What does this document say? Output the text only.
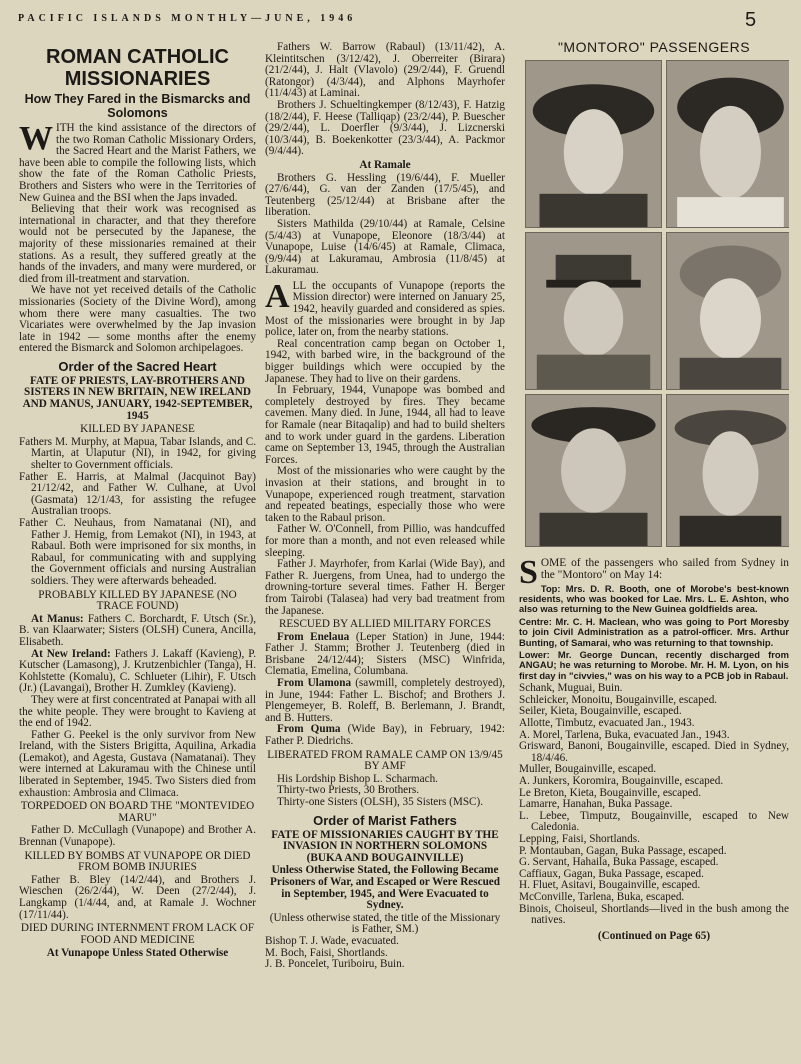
PACIFIC ISLANDS MONTHLY—JUNE, 1946	5
ROMAN CATHOLIC MISSIONARIES
How They Fared in the Bismarcks and Solomons

WITH the kind assistance of the directors of the two Roman Catholic Missionary Orders, the Sacred Heart and the Marist Fathers, we have been able to compile the following lists, which show the fate of the Roman Catholic Priests, Brothers and Sisters who were in the Territories of New Guinea and the BSI when the Japs invaded.

Believing that their work was recognised as international in character, and that they therefore would not be persecuted by the Japanese, the majority of these missionaries remained at their stations. As a result, they suffered greatly at the hands of the invaders, and many were murdered, or died from ill-treatment and starvation.

We have not yet received details of the Catholic missionaries (Society of the Divine Word), among whom there were many casualties. The two Vicariates were overwhelmed by the Jap invasion late in 1942 — some months after the enemy entered the Bismarck and Solomon archipelagoes.

Order of the Sacred Heart
FATE OF PRIESTS, LAY-BROTHERS AND SISTERS IN NEW BRITAIN, NEW IRELAND AND MANUS, JANUARY, 1942-SEPTEMBER, 1945
KILLED BY JAPANESE

Fathers M. Murphy, at Mapua, Tabar Islands, and C. Martin, at Ulaputur (NI), in 1942, for giving shelter to Government officials.

Father E. Harris, at Malmal (Jacquinot Bay) 21/12/42, and Father W. Culhane, at Uvol (Gasmata) 12/1/43, for assisting the refugee Australian troops.

Father C. Neuhaus, from Namatanai (NI), and Father J. Hemig, from Lemakot (NI), in 1943, at Rabaul. Both were imprisoned for six months, in Rabaul, for communicating with and supplying the Government officials and nursing Australian soldiers. They were afterwards beheaded.

PROBABLY KILLED BY JAPANESE (NO TRACE FOUND)

At Manus: Fathers C. Borchardt, F. Utsch (Sr.), B. van Klaarwater; Sisters (OLSH) Cunera, Ancilla, Elisabeth.

At New Ireland: Fathers J. Lakaff (Kavieng), P. Kutscher (Lamasong), J. Krutzenbichler (Tanga), H. Kohlstette (Komalu), C. Schlueter (Lihir), F. Utsch (Jr.) (Lavangai), Brother H. Zumkley (Kavieng).

They were at first concentrated at Panapai with all the white people. They were brought to Kavieng at the end of 1942.

Father G. Peekel is the only survivor from New Ireland, with the Sisters Brigitta, Aquilina, Arkadia (Lemakot), and Agesta, Gustava (Namatanai). They were interned at Lakuramau with the Chinese until liberated in September, 1945. Two Sisters died from exhaustion: Ambrosia and Climaca.

TORPEDOED ON BOARD THE "MONTEVIDEO MARU"

Father D. McCullagh (Vunapope) and Brother A. Brennan (Vunapope).

KILLED BY BOMBS AT VUNAPOPE OR DIED FROM BOMB INJURIES

Father B. Bley (14/2/44), and Brothers J. Wieschen (26/2/44), W. Deen (27/2/44), J. Langkamp (1/4/44, and, at Ramale J. Wochner (17/11/44).

DIED DURING INTERNMENT FROM LACK OF FOOD AND MEDICINE
At Vunapope Unless Stated Otherwise

Fathers W. Barrow (Rabaul) (13/11/42), A. Kleintitschen (3/12/42), J. Oberreiter (Birara) (21/2/44), J. Halt (Vlavolo) (29/2/44), F. Gruendl (Ratongor) (4/3/44), and Alphons Mayrhofer (11/4/43) at Laminai.

Brothers J. Schueltingkemper (8/12/43), F. Hatzig (18/2/44), F. Heese (Talliqap) (23/2/44), P. Buescher (29/2/44), L. Doerfler (9/3/44), J. Lizcnerski (10/3/44), B. Boekenkotter (23/3/44), A. Packmor (9/4/44).

At Ramale

Brothers G. Hessling (19/6/44), F. Mueller (27/6/44), G. van der Zanden (17/5/45), and Teutenberg (25/12/44) at Brisbane after the liberation.

Sisters Mathilda (29/10/44) at Ramale, Celsine (5/4/43) at Vunapope, Eleonore (18/3/44) at Vunapope, Luise (14/6/45) at Ramale, Climaca, (9/9/44) at Lakuramau, Ambrosia (11/8/45) at Lakuramau.

ALL the occupants of Vunapope (reports the Mission director) were interned on January 25, 1942, heavily guarded and considered as spies. Most of the missionaries were brought in by Jap police, later on, from the nearby stations.

Real concentration camp began on October 1, 1942, with barbed wire, in the background of the bigger buildings which were occupied by the Japanese. They had to live on their gardens.

In February, 1944, Vunapope was bombed and completely destroyed by fires. They became cavemen. Many died. In June, 1944, all had to leave for Ramale (near Bitaqalip) and had to build shelters and to work under guard in the gardens. Liberation came on September 13, 1945, through the Australian Forces.

Most of the missionaries who were caught by the invasion at their stations, and brought in to Vunapope, experienced rough treatment, starvation and repeated beatings, especially those who were taken to the Rabaul prison.

Father W. O'Connell, from Pillio, was handcuffed for more than a month, and not even released while sleeping.

Father J. Mayrhofer, from Karlai (Wide Bay), and Father R. Juergens, from Unea, had to undergo the drowning-torture several times. Father H. Berger from Tairobi (Talasea) had very bad treatment from the Japanese.

RESCUED BY ALLIED MILITARY FORCES

From Enelaua (Leper Station) in June, 1944: Father J. Stamm; Brother J. Teutenberg (died in Brisbane 24/12/44); Sisters (MSC) Winfrida, Clematia, Emelina, Columbana.

From Ulamona (sawmill, completely destroyed), in June, 1944: Father L. Bischof; and Brothers J. Plengemeyer, B. Roleff, B. Berlemann, J. Brandt, and B. Hutters.

From Quma (Wide Bay), in February, 1942: Father P. Diedrichs.

LIBERATED FROM RAMALE CAMP ON 13/9/45 BY AMF

His Lordship Bishop L. Scharmach.

Thirty-two Priests, 30 Brothers.

Thirty-one Sisters (OLSH), 35 Sisters (MSC).

Order of Marist Fathers
FATE OF MISSIONARIES CAUGHT BY THE INVASION IN NORTHERN SOLOMONS (BUKA AND BOUGAINVILLE)
Unless Otherwise Stated, the Following Became Prisoners of War, and Escaped or Were Rescued in September, 1945, and Were Evacuated to Sydney.
(Unless otherwise stated, the title of the Missionary is Father, SM.)

Bishop T. J. Wade, evacuated.

M. Boch, Faisi, Shortlands.

J. B. Poncelet, Turiboiru, Buin.

"MONTORO" PASSENGERS

SOME of the passengers who sailed from Sydney in the "Montoro" on May 14:

Top: Mrs. D. R. Booth, one of Morobe's best-known residents, who was booked for Lae. Mrs. L. E. Ashton, who also was returning to the New Guinea goldfields area.
Centre: Mr. C. H. Maclean, who was going to Port Moresby to join Civil Administration as a patrol-officer. Mrs. Arthur Bunting, of Samarai, who was returning to that township.
Lower: Mr. George Duncan, recently discharged from ANGAU; he was returning to Morobe. Mr. H. M. Lyon, on his first day in "civvies," was on his way to a PCB job in Rabaul.

Schank, Muguai, Buin.

Schleicker, Monoitu, Bougainville, escaped.

Seiler, Kieta, Bougainville, escaped.

Allotte, Timbutz, evacuated Jan., 1943.

A. Morel, Tarlena, Buka, evacuated Jan., 1943.

Grisward, Banoni, Bougainville, escaped. Died in Sydney, 18/4/46.

Muller, Bougainville, escaped.

A. Junkers, Koromira, Bougainville, escaped.

Le Breton, Kieta, Bougainville, escaped.

Lamarre, Hanahan, Buka Passage.

L. Lebee, Timputz, Bougainville, escaped to New Caledonia.

Lepping, Faisi, Shortlands.

P. Montauban, Gagan, Buka Passage, escaped.

G. Servant, Hahaila, Buka Passage, escaped.

Caffiaux, Gagan, Buka Passage, escaped.

H. Fluet, Asitavi, Bougainville, escaped.

McConville, Tarlena, Buka, escaped.

Binois, Choiseul, Shortlands—lived in the bush among the natives.

(Continued on Page 65)
